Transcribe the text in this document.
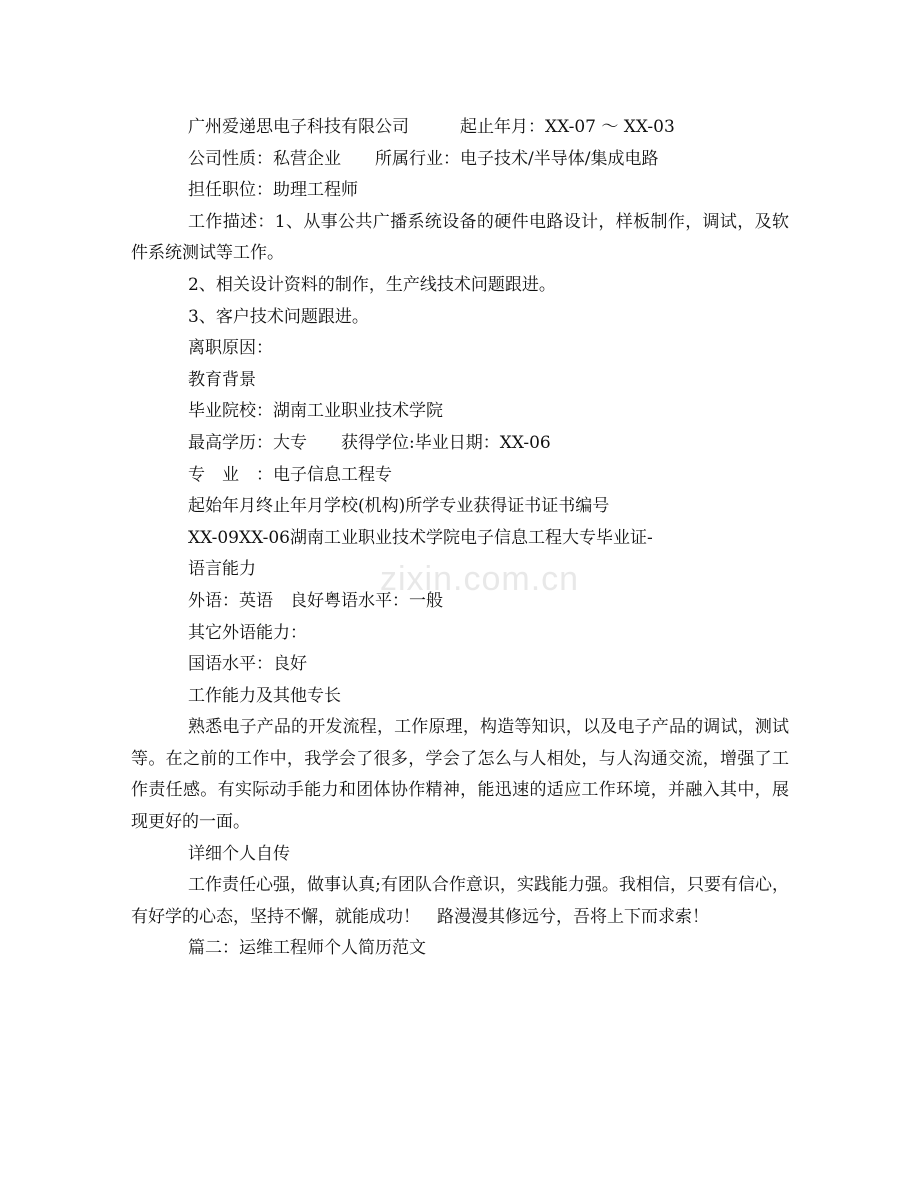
广州爱递思电子科技有限公司　　　起止年月：XX-07 ～ XX-03

公司性质：私营企业　　所属行业：电子技术/半导体/集成电路

担任职位：助理工程师

工作描述：1、从事公共广播系统设备的硬件电路设计，样板制作，调试，及软件系统测试等工作。

2、相关设计资料的制作，生产线技术问题跟进。

3、客户技术问题跟进。

离职原因：

教育背景

毕业院校：湖南工业职业技术学院

最高学历：大专　　获得学位:毕业日期：XX-06

专　业　：电子信息工程专

起始年月终止年月学校(机构)所学专业获得证书证书编号

XX-09XX-06湖南工业职业技术学院电子信息工程大专毕业证-

语言能力

外语：英语　良好粤语水平：一般

其它外语能力：

国语水平：良好

工作能力及其他专长

熟悉电子产品的开发流程，工作原理，构造等知识，以及电子产品的调试，测试等。在之前的工作中，我学会了很多，学会了怎么与人相处，与人沟通交流，增强了工作责任感。有实际动手能力和团体协作精神，能迅速的适应工作环境，并融入其中，展现更好的一面。

详细个人自传

工作责任心强，做事认真;有团队合作意识，实践能力强。我相信，只要有信心，有好学的心态，坚持不懈，就能成功！　路漫漫其修远兮，吾将上下而求索！

篇二：运维工程师个人简历范文

zixin.com.cn
